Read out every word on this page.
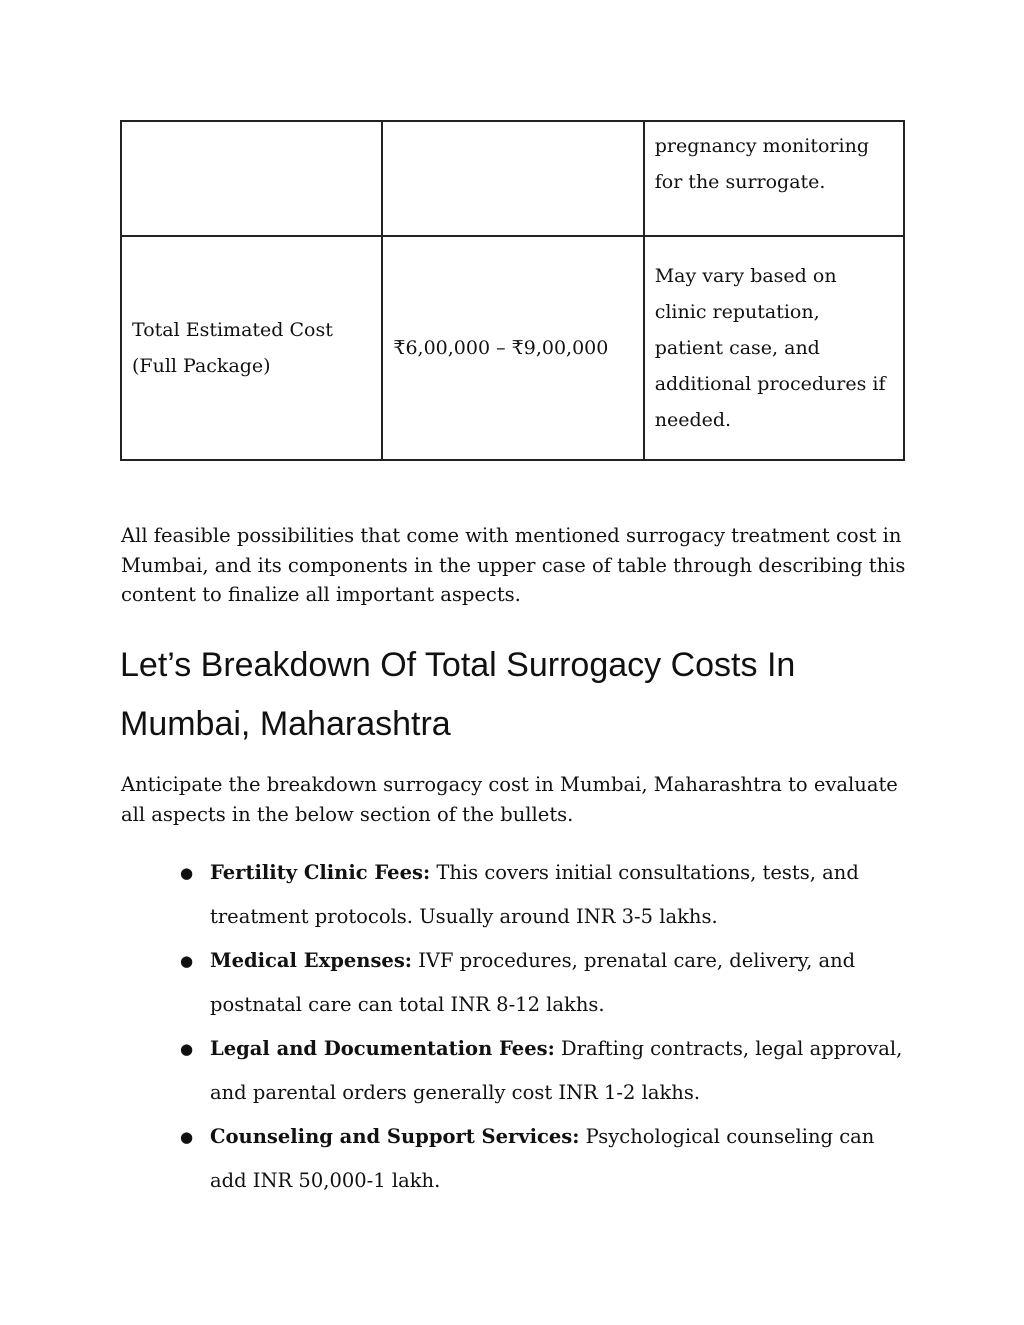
		pregnancy monitoring for the surrogate.

Total Estimated Cost (Full Package)	₹6,00,000 – ₹9,00,000	May vary based on clinic reputation, patient case, and additional procedures if needed.

All feasible possibilities that come with mentioned surrogacy treatment cost in Mumbai, and its components in the upper case of table through describing this content to finalize all important aspects.

Let’s Breakdown Of Total Surrogacy Costs In Mumbai, Maharashtra

Anticipate the breakdown surrogacy cost in Mumbai, Maharashtra to evaluate all aspects in the below section of the bullets.

● Fertility Clinic Fees: This covers initial consultations, tests, and treatment protocols. Usually around INR 3-5 lakhs.
● Medical Expenses: IVF procedures, prenatal care, delivery, and postnatal care can total INR 8-12 lakhs.
● Legal and Documentation Fees: Drafting contracts, legal approval, and parental orders generally cost INR 1-2 lakhs.
● Counseling and Support Services: Psychological counseling can add INR 50,000-1 lakh.
